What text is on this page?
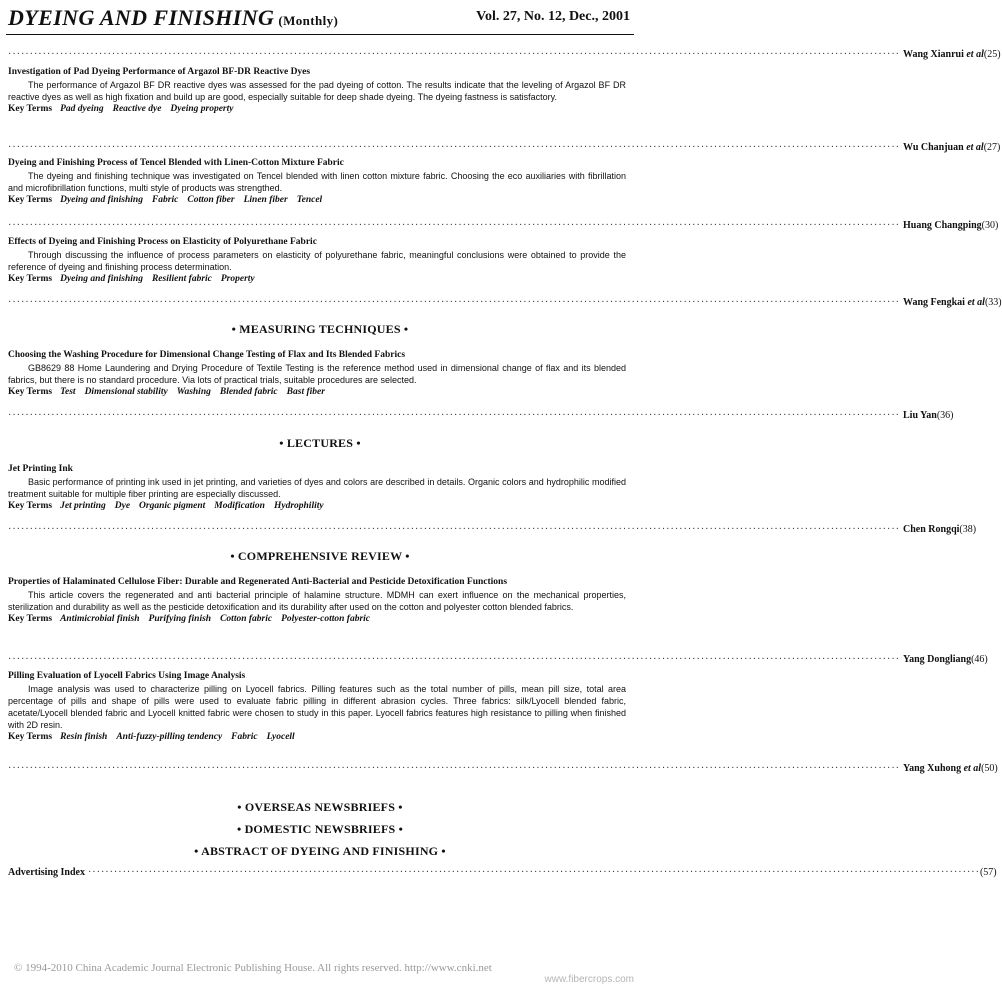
DYEING AND FINISHING (Monthly)	Vol. 27, No. 12, Dec., 2001
·············································································································································································································· Wang Xianrui et al (25)
Investigation of Pad Dyeing Performance of Argazol BF-DR Reactive Dyes

The performance of Argazol BF DR reactive dyes was assessed for the pad dyeing of cotton. The results indicate that the leveling of Argazol BF DR reactive dyes as well as high fixation and build up are good, especially suitable for deep shade dyeing. The dyeing fastness is satisfactory.

Key Terms Pad dyeing Reactive dye Dyeing property
·············································································································································································································· Wu Chanjuan et al (27)
Dyeing and Finishing Process of Tencel Blended with Linen-Cotton Mixture Fabric

The dyeing and finishing technique was investigated on Tencel blended with linen cotton mixture fabric. Choosing the eco auxiliaries with fibrillation and microfibrillation functions, multi style of products was strengthed.

Key Terms Dyeing and finishing Fabric Cotton fiber Linen fiber Tencel
·············································································································································································································· Huang Changping (30)
Effects of Dyeing and Finishing Process on Elasticity of Polyurethane Fabric

Through discussing the influence of process parameters on elasticity of polyurethane fabric, meaningful conclusions were obtained to provide the reference of dyeing and finishing process determination.

Key Terms Dyeing and finishing Resilient fabric Property
·············································································································································································································· Wang Fengkai et al (33)
• MEASURING TECHNIQUES •
Choosing the Washing Procedure for Dimensional Change Testing of Flax and Its Blended Fabrics

GB8629 88 Home Laundering and Drying Procedure of Textile Testing is the reference method used in dimensional change of flax and its blended fabrics, but there is no standard procedure. Via lots of practical trials, suitable procedures are selected.

Key Terms Test Dimensional stability Washing Blended fabric Bast fiber
·············································································································································································································· Liu Yan (36)
• LECTURES •
Jet Printing Ink

Basic performance of printing ink used in jet printing, and varieties of dyes and colors are described in details. Organic colors and hydrophilic modified treatment suitable for multiple fiber printing are especially discussed.

Key Terms Jet printing Dye Organic pigment Modification Hydrophility
·············································································································································································································· Chen Rongqi (38)
• COMPREHENSIVE REVIEW •
Properties of Halaminated Cellulose Fiber: Durable and Regenerated Anti-Bacterial and Pesticide Detoxification Functions

This article covers the regenerated and anti bacterial principle of halamine structure. MDMH can exert influence on the mechanical properties, sterilization and durability as well as the pesticide detoxification and its durability after used on the cotton and polyester cotton blended fabrics.

Key Terms Antimicrobial finish Purifying finish Cotton fabric Polyester-cotton fabric
·············································································································································································································· Yang Dongliang (46)
Pilling Evaluation of Lyocell Fabrics Using Image Analysis

Image analysis was used to characterize pilling on Lyocell fabrics. Pilling features such as the total number of pills, mean pill size, total area percentage of pills and shape of pills were used to evaluate fabric pilling in different abrasion cycles. Three fabrics: silk/Lyocell blended fabric, acetate/Lyocell blended fabric and Lyocell knitted fabric were chosen to study in this paper. Lyocell fabrics features high resistance to pilling when finished with 2D resin.

Key Terms Resin finish Anti-fuzzy-pilling tendency Fabric Lyocell
·············································································································································································································· Yang Xuhong et al (50)
• OVERSEAS NEWSBRIEFS •
• DOMESTIC NEWSBRIEFS •
• ABSTRACT OF DYEING AND FINISHING •
Advertising Index ·············································································································································································································· (57)
© 1994-2010 China Academic Journal Electronic Publishing House. All rights reserved. http://www.cnki.net
www.fibercrops.com
